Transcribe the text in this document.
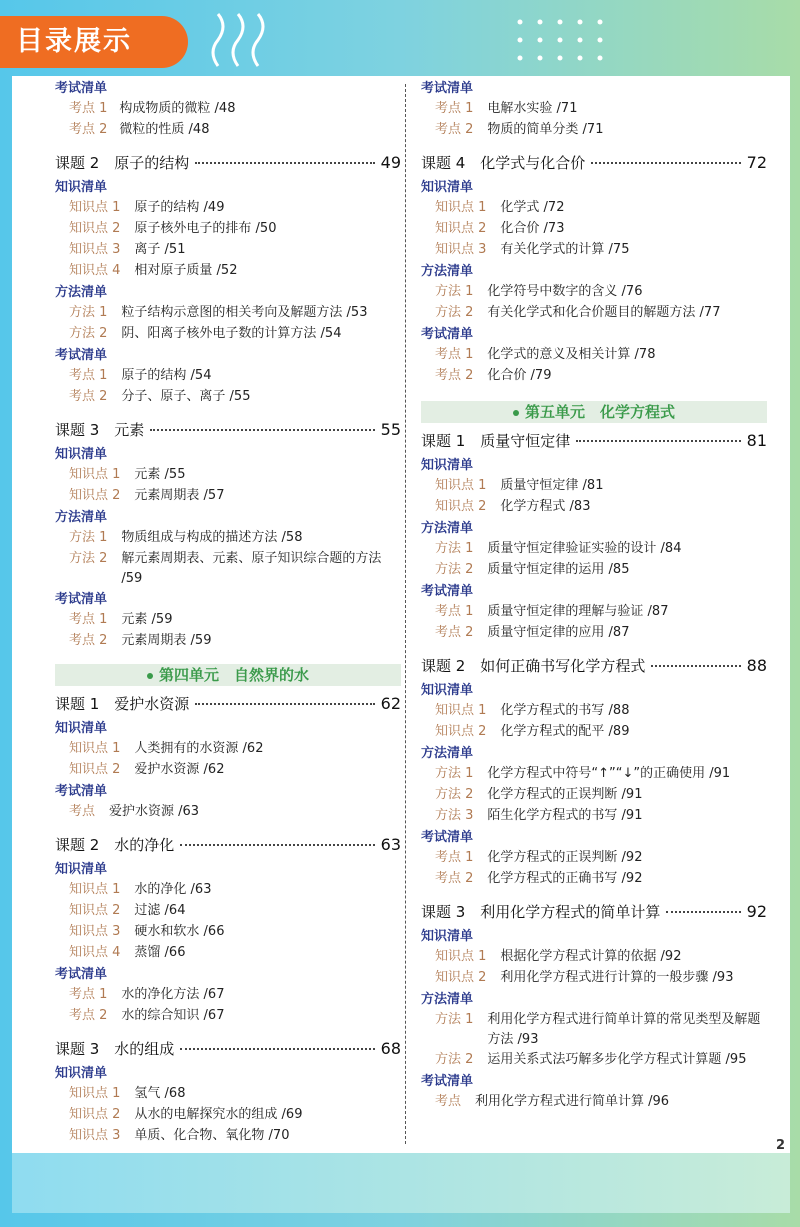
目录展示
考试清单
考点 1 构成物质的微粒 /48
考点 2 微粒的性质 /48
课题 2　原子的结构	49
知识清单
知识点 1 原子的结构 /49
知识点 2 原子核外电子的排布 /50
知识点 3 离子 /51
知识点 4 相对原子质量 /52
方法清单
方法 1 粒子结构示意图的相关考向及解题方法 /53
方法 2 阴、阳离子核外电子数的计算方法 /54
考试清单
考点 1 原子的结构 /54
考点 2 分子、原子、离子 /55
课题 3　元素	55
知识清单
知识点 1 元素 /55
知识点 2 元素周期表 /57
方法清单
方法 1 物质组成与构成的描述方法 /58
方法 2 解元素周期表、元素、原子知识综合题的方法 /59
考试清单
考点 1 元素 /59
考点 2 元素周期表 /59
第四单元　自然界的水
课题 1　爱护水资源	62
知识清单
知识点 1 人类拥有的水资源 /62
知识点 2 爱护水资源 /62
考试清单
考点 爱护水资源 /63
课题 2　水的净化	63
知识清单
知识点 1 水的净化 /63
知识点 2 过滤 /64
知识点 3 硬水和软水 /66
知识点 4 蒸馏 /66
考试清单
考点 1 水的净化方法 /67
考点 2 水的综合知识 /67
课题 3　水的组成	68
知识清单
知识点 1 氢气 /68
知识点 2 从水的电解探究水的组成 /69
知识点 3 单质、化合物、氧化物 /70
考试清单
考点 1 电解水实验 /71
考点 2 物质的简单分类 /71
课题 4　化学式与化合价	72
知识清单
知识点 1 化学式 /72
知识点 2 化合价 /73
知识点 3 有关化学式的计算 /75
方法清单
方法 1 化学符号中数字的含义 /76
方法 2 有关化学式和化合价题目的解题方法 /77
考试清单
考点 1 化学式的意义及相关计算 /78
考点 2 化合价 /79
第五单元　化学方程式
课题 1　质量守恒定律	81
知识清单
知识点 1 质量守恒定律 /81
知识点 2 化学方程式 /83
方法清单
方法 1 质量守恒定律验证实验的设计 /84
方法 2 质量守恒定律的运用 /85
考试清单
考点 1 质量守恒定律的理解与验证 /87
考点 2 质量守恒定律的应用 /87
课题 2　如何正确书写化学方程式	88
知识清单
知识点 1 化学方程式的书写 /88
知识点 2 化学方程式的配平 /89
方法清单
方法 1 化学方程式中符号“↑”“↓”的正确使用 /91
方法 2 化学方程式的正误判断 /91
方法 3 陌生化学方程式的书写 /91
考试清单
考点 1 化学方程式的正误判断 /92
考点 2 化学方程式的正确书写 /92
课题 3　利用化学方程式的简单计算	92
知识清单
知识点 1 根据化学方程式计算的依据 /92
知识点 2 利用化学方程式进行计算的一般步骤 /93
方法清单
方法 1 利用化学方程式进行简单计算的常见类型及解题方法 /93
方法 2 运用关系式法巧解多步化学方程式计算题 /95
考试清单
考点 利用化学方程式进行简单计算 /96
2
